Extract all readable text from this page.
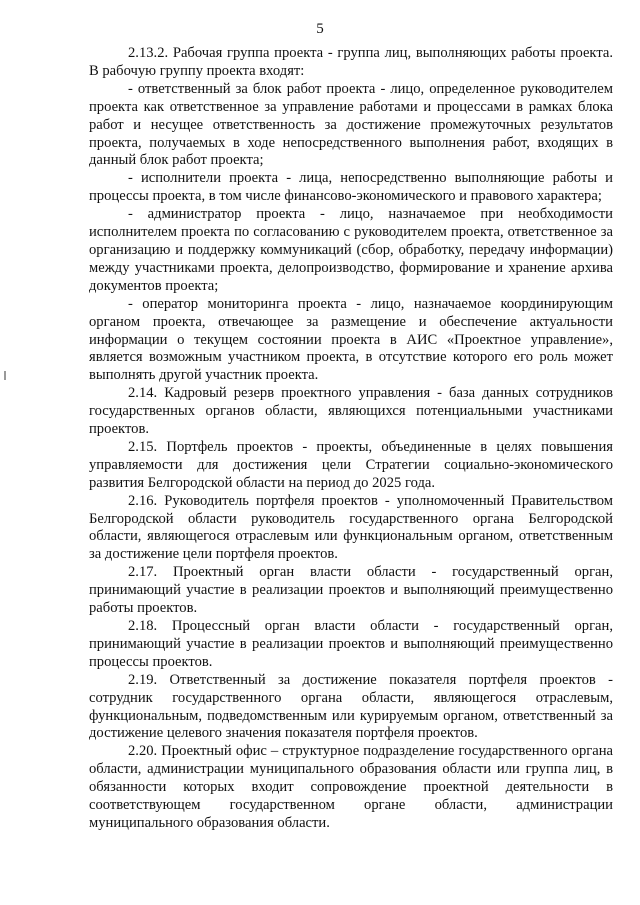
5

2.13.2. Рабочая группа проекта - группа лиц, выполняющих работы проекта. В рабочую группу проекта входят:

- ответственный за блок работ проекта - лицо, определенное руководителем проекта как ответственное за управление работами и процессами в рамках блока работ и несущее ответственность за достижение промежуточных результатов проекта, получаемых в ходе непосредственного выполнения работ, входящих в данный блок работ проекта;

- исполнители проекта - лица, непосредственно выполняющие работы и процессы проекта, в том числе финансово-экономического и правового характера;

- администратор проекта - лицо, назначаемое при необходимости исполнителем проекта по согласованию с руководителем проекта, ответственное за организацию и поддержку коммуникаций (сбор, обработку, передачу информации) между участниками проекта, делопроизводство, формирование и хранение архива документов проекта;

- оператор мониторинга проекта - лицо, назначаемое координирующим органом проекта, отвечающее за размещение и обеспечение актуальности информации о текущем состоянии проекта в АИС «Проектное управление», является возможным участником проекта, в отсутствие которого его роль может выполнять другой участник проекта.

2.14. Кадровый резерв проектного управления - база данных сотрудников государственных органов области, являющихся потенциальными участниками проектов.

2.15. Портфель проектов - проекты, объединенные в целях повышения управляемости для достижения цели Стратегии социально-экономического развития Белгородской области на период до 2025 года.

2.16. Руководитель портфеля проектов - уполномоченный Правительством Белгородской области руководитель государственного органа Белгородской области, являющегося отраслевым или функциональным органом, ответственным за достижение цели портфеля проектов.

2.17. Проектный орган власти области - государственный орган, принимающий участие в реализации проектов и выполняющий преимущественно работы проектов.

2.18. Процессный орган власти области - государственный орган, принимающий участие в реализации проектов и выполняющий преимущественно процессы проектов.

2.19. Ответственный за достижение показателя портфеля проектов - сотрудник государственного органа области, являющегося отраслевым, функциональным, подведомственным или курируемым органом, ответственный за достижение целевого значения показателя портфеля проектов.

2.20. Проектный офис – структурное подразделение государственного органа области, администрации муниципального образования области или группа лиц, в обязанности которых входит сопровождение проектной деятельности в соответствующем государственном органе области, администрации муниципального образования области.
